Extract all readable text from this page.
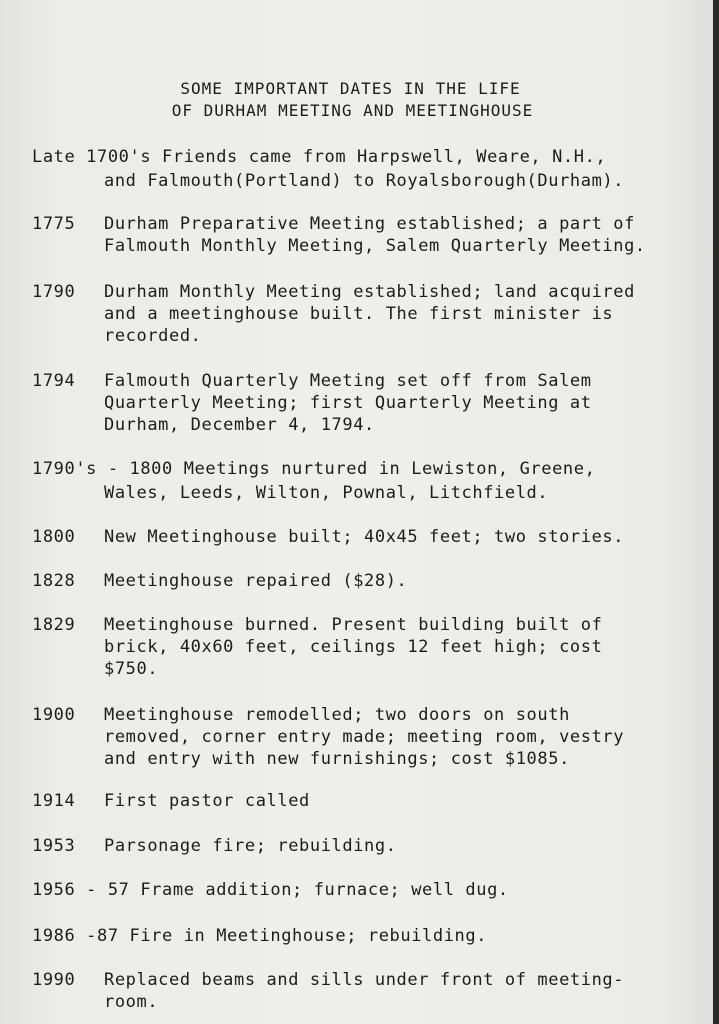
SOME IMPORTANT DATES IN THE LIFE
OF DURHAM MEETING AND MEETINGHOUSE
Late 1700's Friends came from Harpswell, Weare, N.H.,
and Falmouth(Portland) to Royalsborough(Durham).
1775 Durham Preparative Meeting established; a part of
Falmouth Monthly Meeting, Salem Quarterly Meeting.
1790 Durham Monthly Meeting established; land acquired
and a meetinghouse built. The first minister is
recorded.
1794 Falmouth Quarterly Meeting set off from Salem
Quarterly Meeting; first Quarterly Meeting at
Durham, December 4, 1794.
1790's - 1800 Meetings nurtured in Lewiston, Greene,
Wales, Leeds, Wilton, Pownal, Litchfield.
1800 New Meetinghouse built; 40x45 feet; two stories.
1828 Meetinghouse repaired ($28).
1829 Meetinghouse burned. Present building built of
brick, 40x60 feet, ceilings 12 feet high; cost
$750.
1900 Meetinghouse remodelled; two doors on south
removed, corner entry made; meeting room, vestry
and entry with new furnishings; cost $1085.
1914 First pastor called
1953 Parsonage fire; rebuilding.
1956 - 57 Frame addition; furnace; well dug.
1986 -87 Fire in Meetinghouse; rebuilding.
1990 Replaced beams and sills under front of meeting-
room.
